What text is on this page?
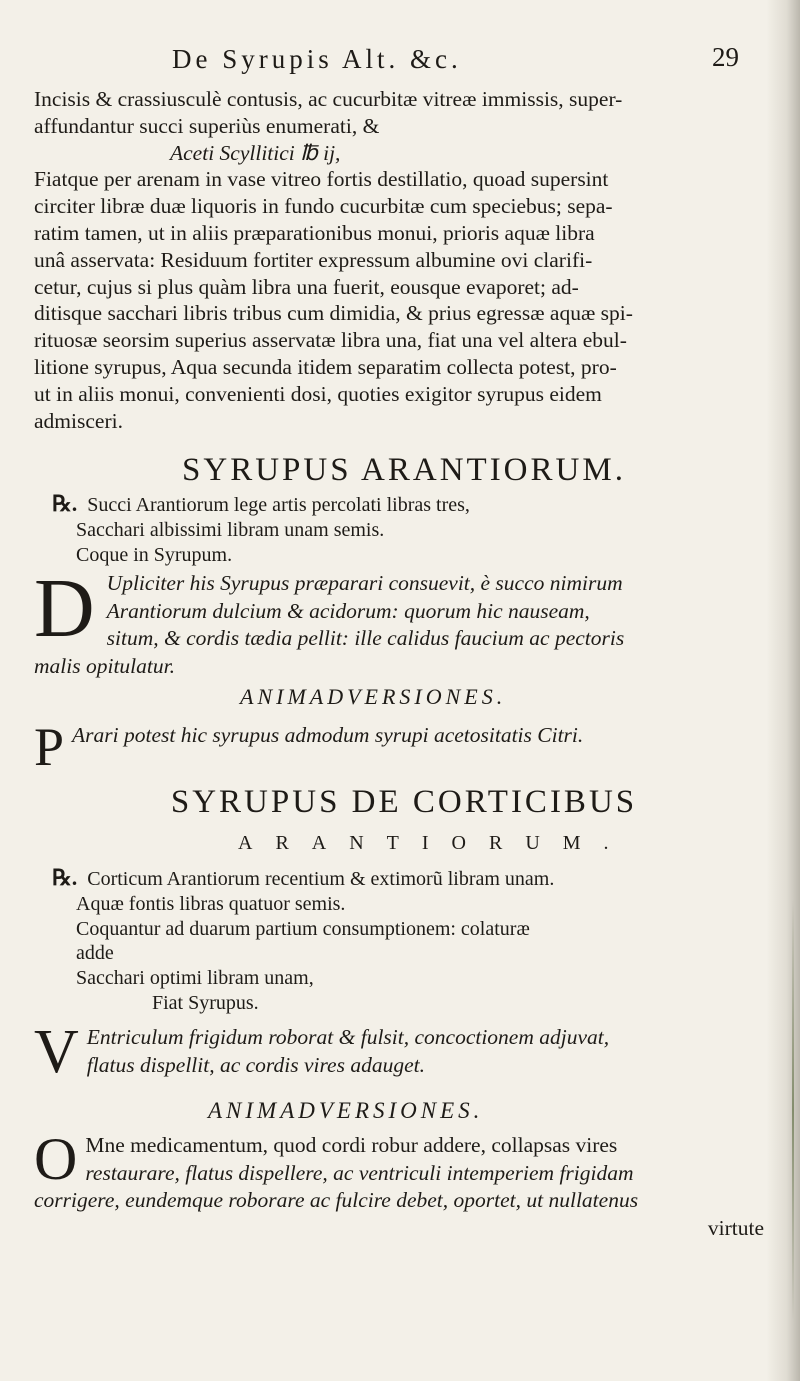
De Syrupis Alt. &c.	29

Incisis & crassiusculè contusis, ac cucurbitæ vitreæ immissis, super-
affundantur succi superiùs enumerati, &
Aceti Scyllitici ℔ ij,
Fiatque per arenam in vase vitreo fortis destillatio, quoad supersint
circiter libræ duæ liquoris in fundo cucurbitæ cum speciebus; sepa-
ratim tamen, ut in aliis præparationibus monui, prioris aquæ libra
unâ asservata: Residuum fortiter expressum albumine ovi clarifi-
cetur, cujus si plus quàm libra una fuerit, eousque evaporet; ad-
ditisque sacchari libris tribus cum dimidia, & prius egressæ aquæ spi-
rituosæ seorsim superius asservatæ libra una, fiat una vel altera ebul-
litione syrupus, Aqua secunda itidem separatim collecta potest, pro-
ut in aliis monui, convenienti dosi, quoties exigitor syrupus eidem
admisceri.

SYRUPUS ARANTIORUM.
℞. Succi Arantiorum lege artis percolati libras tres,
Sacchari albissimi libram unam semis.
Coque in Syrupum.
D Upliciter his Syrupus præparari consuevit, è succo nimirum
Arantiorum dulcium & acidorum: quorum hic nauseam,
situm, & cordis tædia pellit: ille calidus faucium ac pectoris
malis opitulatur.
ANIMADVERSIONES.
P Arari potest hic syrupus admodum syrupi acetositatis Citri.
SYRUPUS DE CORTICIBUS
ARANTIORUM.
℞. Corticum Arantiorum recentium & extimorũ libram unam.
Aquæ fontis libras quatuor semis.
Coquantur ad duarum partium consumptionem: colaturæ
adde
Sacchari optimi libram unam,
Fiat Syrupus.
V Entriculum frigidum roborat & fulsit, concoctionem adjuvat,
flatus dispellit, ac cordis vires adauget.
ANIMADVERSIONES.
O Mne medicamentum, quod cordi robur addere, collapsas vires
restaurare, flatus dispellere, ac ventriculi intemperiem frigidam
corrigere, eundemque roborare ac fulcire debet, oportet, ut nullatenus
virtute
